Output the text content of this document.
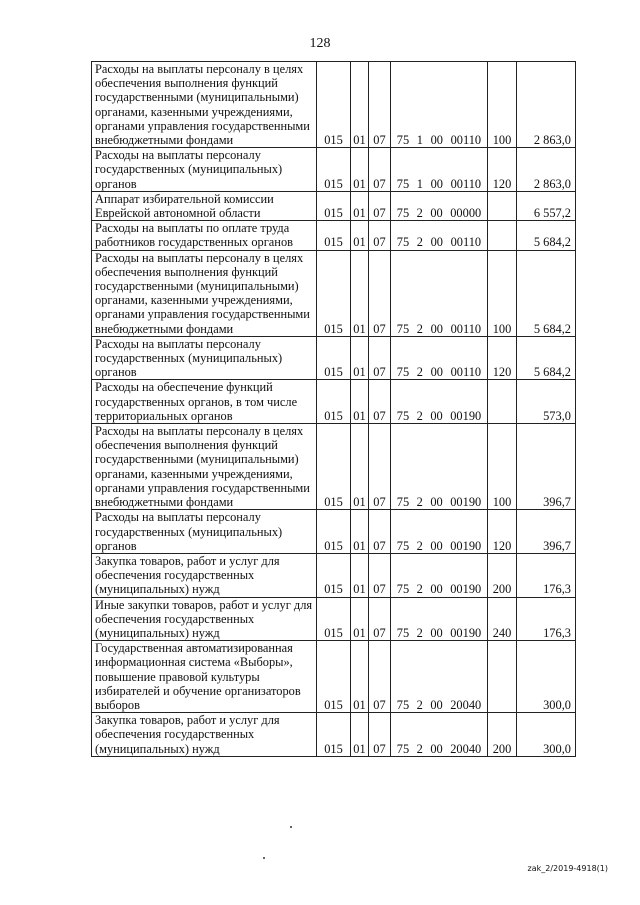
128
Расходы на выплаты персоналу в целях обеспечения выполнения функций государственными (муниципальными) органами, казенными учреждениями, органами управления государственными внебюджетными фондами	015	01	07	75 1 00 00110	100	2 863,0
Расходы на выплаты персоналу государственных (муниципальных) органов	015	01	07	75 1 00 00110	120	2 863,0
Аппарат избирательной комиссии Еврейской автономной области	015	01	07	75 2 00 00000		6 557,2
Расходы на выплаты по оплате труда работников государственных органов	015	01	07	75 2 00 00110		5 684,2
Расходы на выплаты персоналу в целях обеспечения выполнения функций государственными (муниципальными) органами, казенными учреждениями, органами управления государственными внебюджетными фондами	015	01	07	75 2 00 00110	100	5 684,2
Расходы на выплаты персоналу государственных (муниципальных) органов	015	01	07	75 2 00 00110	120	5 684,2
Расходы на обеспечение функций государственных органов, в том числе территориальных органов	015	01	07	75 2 00 00190		573,0
Расходы на выплаты персоналу в целях обеспечения выполнения функций государственными (муниципальными) органами, казенными учреждениями, органами управления государственными внебюджетными фондами	015	01	07	75 2 00 00190	100	396,7
Расходы на выплаты персоналу государственных (муниципальных) органов	015	01	07	75 2 00 00190	120	396,7
Закупка товаров, работ и услуг для обеспечения государственных (муниципальных) нужд	015	01	07	75 2 00 00190	200	176,3
Иные закупки товаров, работ и услуг для обеспечения государственных (муниципальных) нужд	015	01	07	75 2 00 00190	240	176,3
Государственная автоматизированная информационная система «Выборы», повышение правовой культуры избирателей и обучение организаторов выборов	015	01	07	75 2 00 20040		300,0
Закупка товаров, работ и услуг для обеспечения государственных (муниципальных) нужд	015	01	07	75 2 00 20040	200	300,0
zak_2/2019-4918(1)
